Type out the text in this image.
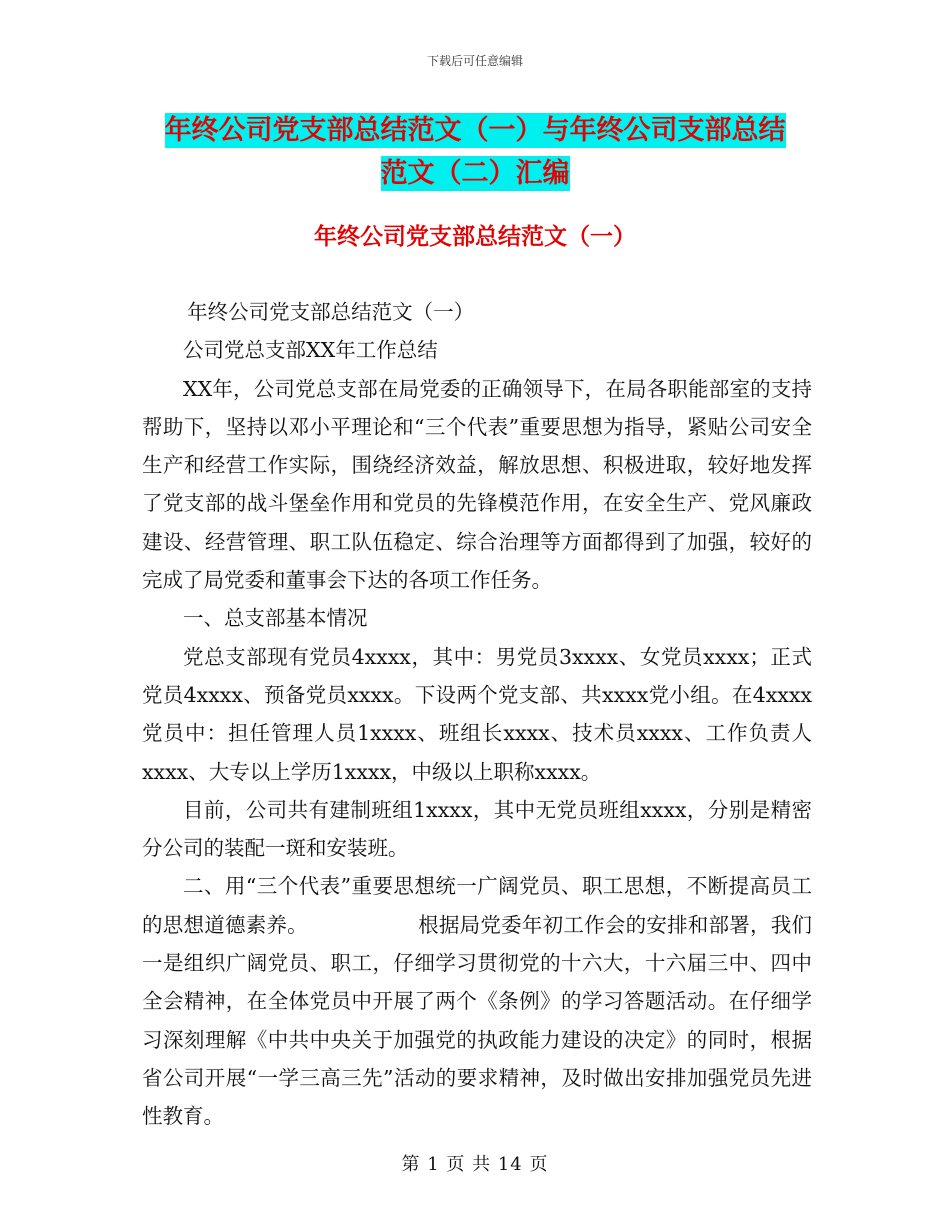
下载后可任意编辑
年终公司党支部总结范文（一）与年终公司支部总结
范文（二）汇编
年终公司党支部总结范文（一）

年终公司党支部总结范文（一）

公司党总支部XX年工作总结

XX年，公司党总支部在局党委的正确领导下，在局各职能部室的支持帮助下，坚持以邓小平理论和“三个代表”重要思想为指导，紧贴公司安全生产和经营工作实际，围绕经济效益，解放思想、积极进取，较好地发挥了党支部的战斗堡垒作用和党员的先锋模范作用，在安全生产、党风廉政建设、经营管理、职工队伍稳定、综合治理等方面都得到了加强，较好的完成了局党委和董事会下达的各项工作任务。

一、总支部基本情况

党总支部现有党员4xxxx，其中：男党员3xxxx、女党员xxxx；正式党员4xxxx、预备党员xxxx。下设两个党支部、共xxxx党小组。在4xxxx党员中：担任管理人员1xxxx、班组长xxxx、技术员xxxx、工作负责人xxxx、大专以上学历1xxxx，中级以上职称xxxx。

目前，公司共有建制班组1xxxx，其中无党员班组xxxx，分别是精密分公司的装配一斑和安装班。

二、用“三个代表”重要思想统一广阔党员、职工思想，不断提高员工的思想道德素养。	根据局党委年初工作会的安排和部署，我们一是组织广阔党员、职工，仔细学习贯彻党的十六大，十六届三中、四中全会精神，在全体党员中开展了两个《条例》的学习答题活动。在仔细学习深刻理解《中共中央关于加强党的执政能力建设的决定》的同时，根据省公司开展“一学三高三先”活动的要求精神，及时做出安排加强党员先进性教育。

第 1 页 共 14 页
